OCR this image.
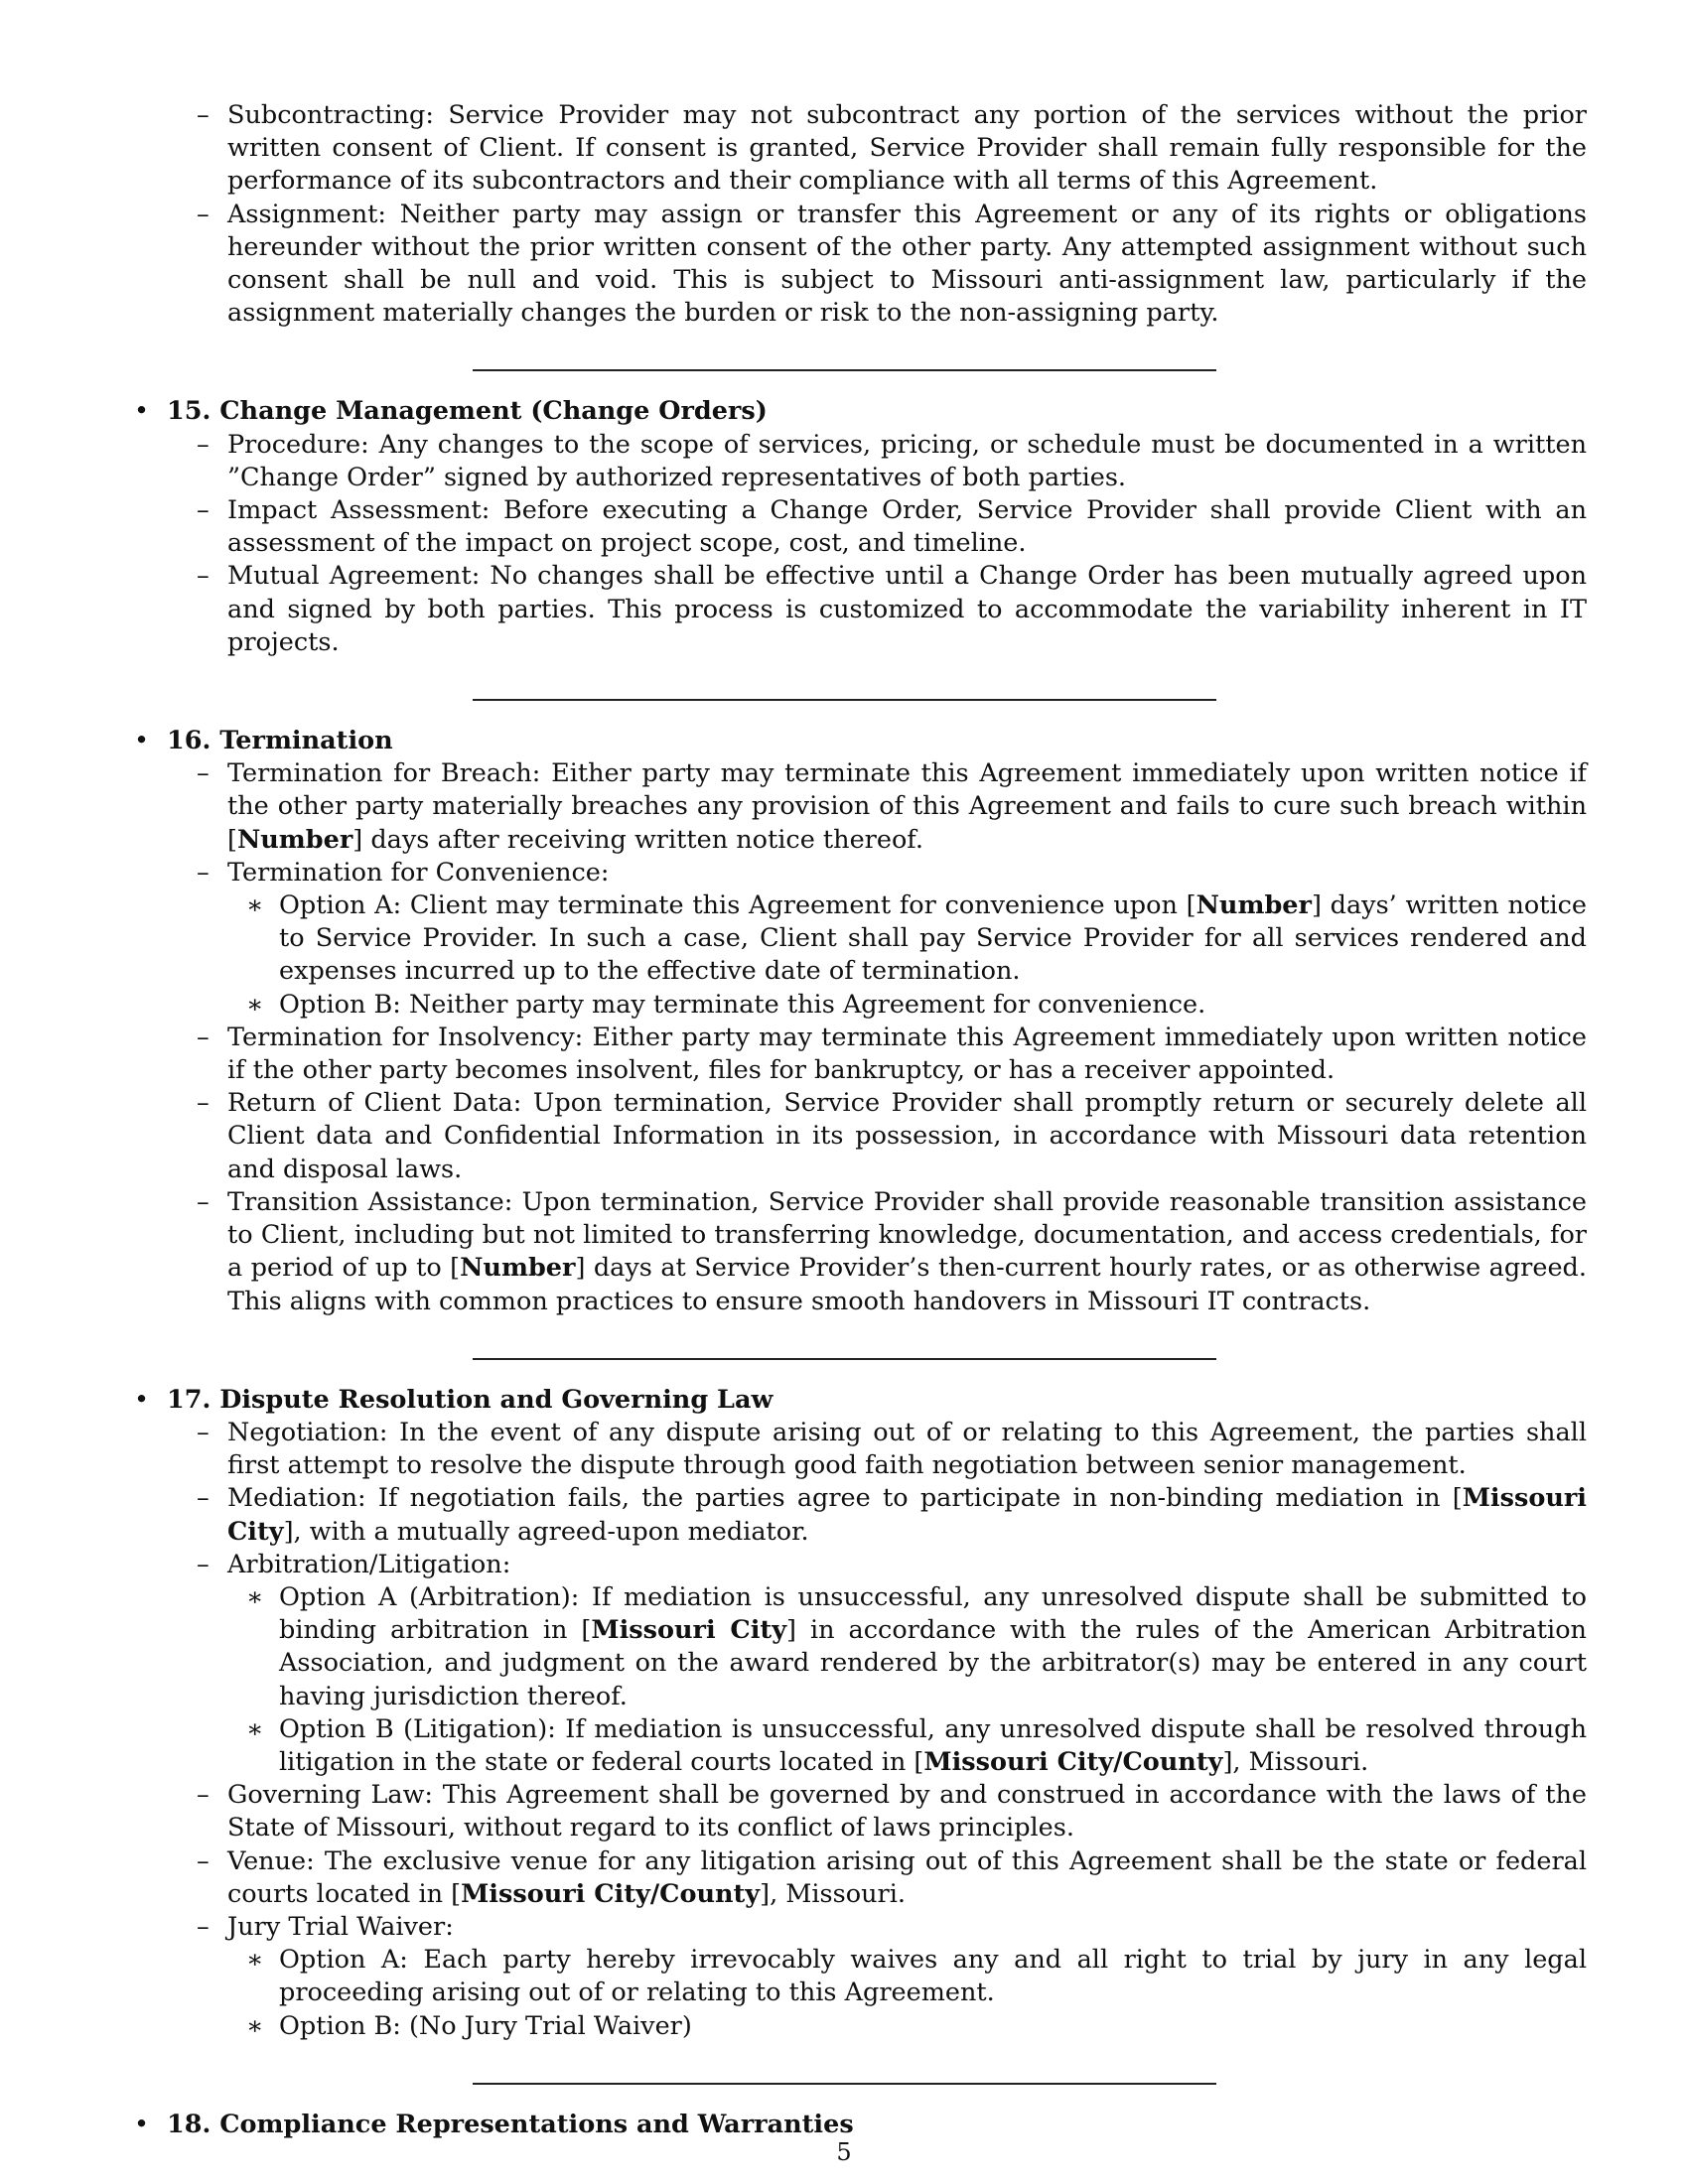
– Subcontracting: Service Provider may not subcontract any portion of the services without the prior written consent of Client. If consent is granted, Service Provider shall remain fully responsible for the performance of its subcontractors and their compliance with all terms of this Agreement.
– Assignment: Neither party may assign or transfer this Agreement or any of its rights or obligations hereunder without the prior written consent of the other party. Any attempted assignment without such consent shall be null and void. This is subject to Missouri anti-assignment law, particularly if the assignment materially changes the burden or risk to the non-assigning party.
• 15. Change Management (Change Orders)
– Procedure: Any changes to the scope of services, pricing, or schedule must be documented in a written ”Change Order” signed by authorized representatives of both parties.
– Impact Assessment: Before executing a Change Order, Service Provider shall provide Client with an assessment of the impact on project scope, cost, and timeline.
– Mutual Agreement: No changes shall be effective until a Change Order has been mutually agreed upon and signed by both parties. This process is customized to accommodate the variability inherent in IT projects.
• 16. Termination
– Termination for Breach: Either party may terminate this Agreement immediately upon written notice if the other party materially breaches any provision of this Agreement and fails to cure such breach within [Number] days after receiving written notice thereof.
– Termination for Convenience:
∗ Option A: Client may terminate this Agreement for convenience upon [Number] days’ written notice to Service Provider. In such a case, Client shall pay Service Provider for all services rendered and expenses incurred up to the effective date of termination.
∗ Option B: Neither party may terminate this Agreement for convenience.
– Termination for Insolvency: Either party may terminate this Agreement immediately upon written notice if the other party becomes insolvent, files for bankruptcy, or has a receiver appointed.
– Return of Client Data: Upon termination, Service Provider shall promptly return or securely delete all Client data and Confidential Information in its possession, in accordance with Missouri data retention and disposal laws.
– Transition Assistance: Upon termination, Service Provider shall provide reasonable transition assistance to Client, including but not limited to transferring knowledge, documentation, and access credentials, for a period of up to [Number] days at Service Provider’s then-current hourly rates, or as otherwise agreed. This aligns with common practices to ensure smooth handovers in Missouri IT contracts.
• 17. Dispute Resolution and Governing Law
– Negotiation: In the event of any dispute arising out of or relating to this Agreement, the parties shall first attempt to resolve the dispute through good faith negotiation between senior management.
– Mediation: If negotiation fails, the parties agree to participate in non-binding mediation in [Missouri City], with a mutually agreed-upon mediator.
– Arbitration/Litigation:
∗ Option A (Arbitration): If mediation is unsuccessful, any unresolved dispute shall be submitted to binding arbitration in [Missouri City] in accordance with the rules of the American Arbitration Association, and judgment on the award rendered by the arbitrator(s) may be entered in any court having jurisdiction thereof.
∗ Option B (Litigation): If mediation is unsuccessful, any unresolved dispute shall be resolved through litigation in the state or federal courts located in [Missouri City/County], Missouri.
– Governing Law: This Agreement shall be governed by and construed in accordance with the laws of the State of Missouri, without regard to its conflict of laws principles.
– Venue: The exclusive venue for any litigation arising out of this Agreement shall be the state or federal courts located in [Missouri City/County], Missouri.
– Jury Trial Waiver:
∗ Option A: Each party hereby irrevocably waives any and all right to trial by jury in any legal proceeding arising out of or relating to this Agreement.
∗ Option B: (No Jury Trial Waiver)
• 18. Compliance Representations and Warranties
5
